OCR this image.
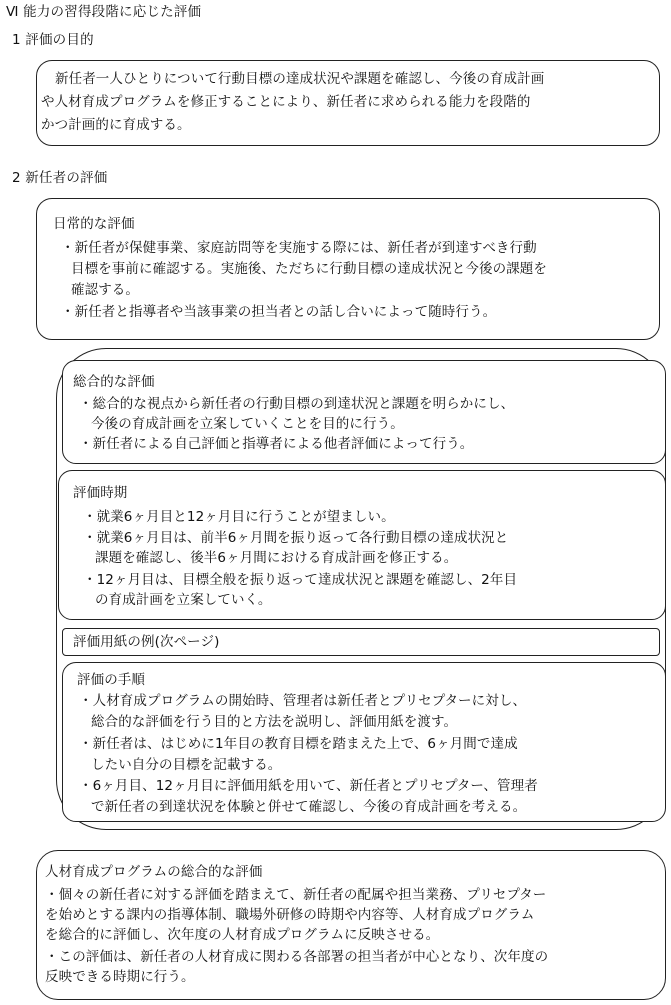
Ⅵ 能力の習得段階に応じた評価
1 評価の目的
新任者一人ひとりについて行動目標の達成状況や課題を確認し、今後の育成計画
や人材育成プログラムを修正することにより、新任者に求められる能力を段階的
かつ計画的に育成する。
2 新任者の評価
日常的な評価
・新任者が保健事業、家庭訪問等を実施する際には、新任者が到達すべき行動
目標を事前に確認する。実施後、ただちに行動目標の達成状況と今後の課題を
確認する。
・新任者と指導者や当該事業の担当者との話し合いによって随時行う。
総合的な評価
・総合的な視点から新任者の行動目標の到達状況と課題を明らかにし、
今後の育成計画を立案していくことを目的に行う。
・新任者による自己評価と指導者による他者評価によって行う。
評価時期
・就業6ヶ月目と12ヶ月目に行うことが望ましい。
・就業6ヶ月目は、前半6ヶ月間を振り返って各行動目標の達成状況と
課題を確認し、後半6ヶ月間における育成計画を修正する。
・12ヶ月目は、目標全般を振り返って達成状況と課題を確認し、2年目
の育成計画を立案していく。
評価用紙の例(次ページ)
評価の手順
・人材育成プログラムの開始時、管理者は新任者とプリセプターに対し、
総合的な評価を行う目的と方法を説明し、評価用紙を渡す。
・新任者は、はじめに1年目の教育目標を踏まえた上で、6ヶ月間で達成
したい自分の目標を記載する。
・6ヶ月目、12ヶ月目に評価用紙を用いて、新任者とプリセプター、管理者
で新任者の到達状況を体験と併せて確認し、今後の育成計画を考える。
人材育成プログラムの総合的な評価
・個々の新任者に対する評価を踏まえて、新任者の配属や担当業務、プリセプター
を始めとする課内の指導体制、職場外研修の時期や内容等、人材育成プログラム
を総合的に評価し、次年度の人材育成プログラムに反映させる。
・この評価は、新任者の人材育成に関わる各部署の担当者が中心となり、次年度の
反映できる時期に行う。
